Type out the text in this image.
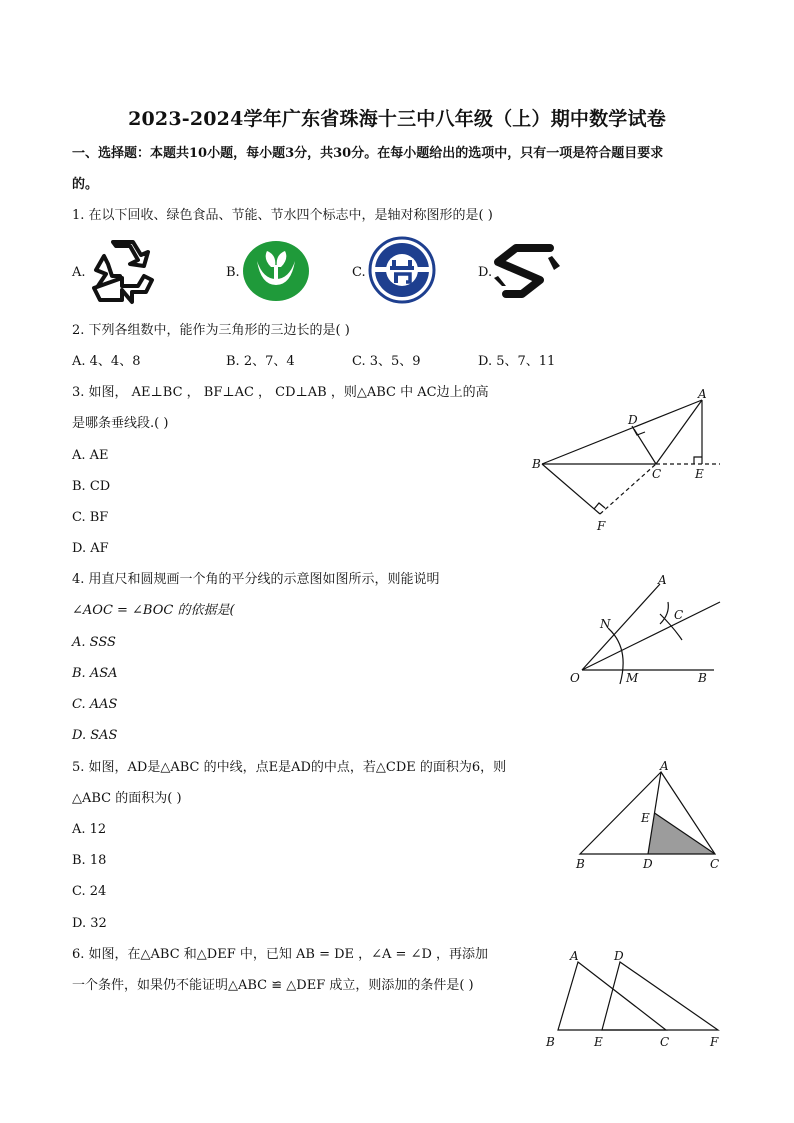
2023-2024学年广东省珠海十三中八年级（上）期中数学试卷
一、选择题：本题共10小题，每小题3分，共30分。在每小题给出的选项中，只有一项是符合题目要求
的。
1. 在以下回收、绿色食品、节能、节水四个标志中，是轴对称图形的是( )
A.	B.	C.	D.
2. 下列各组数中，能作为三角形的三边长的是( )
A. 4、4、8	B. 2、7、4	C. 3、5、9	D. 5、7、11
3. 如图， AE⊥BC ， BF⊥AC ， CD⊥AB ，则△ABC 中 AC边上的高
是哪条垂线段.( )
A. AE
B. CD
C. BF
D. AF
A
D
B
C	E
F
4. 用直尺和圆规画一个角的平分线的示意图如图所示，则能说明
∠AOC = ∠BOC 的依据是(
A. SSS
B. ASA
C. AAS
D. SAS
A
N
C
O	M	B
5. 如图，AD是△ABC 的中线，点E是AD的中点，若△CDE 的面积为6，则
△ABC 的面积为( )
A. 12
B. 18
C. 24
D. 32
A
E
B	D	C
6. 如图，在△ABC 和△DEF 中，已知 AB = DE ，∠A = ∠D ，再添加
一个条件，如果仍不能证明△ABC ≌ △DEF 成立，则添加的条件是( )
A	D
B	E	C	F
